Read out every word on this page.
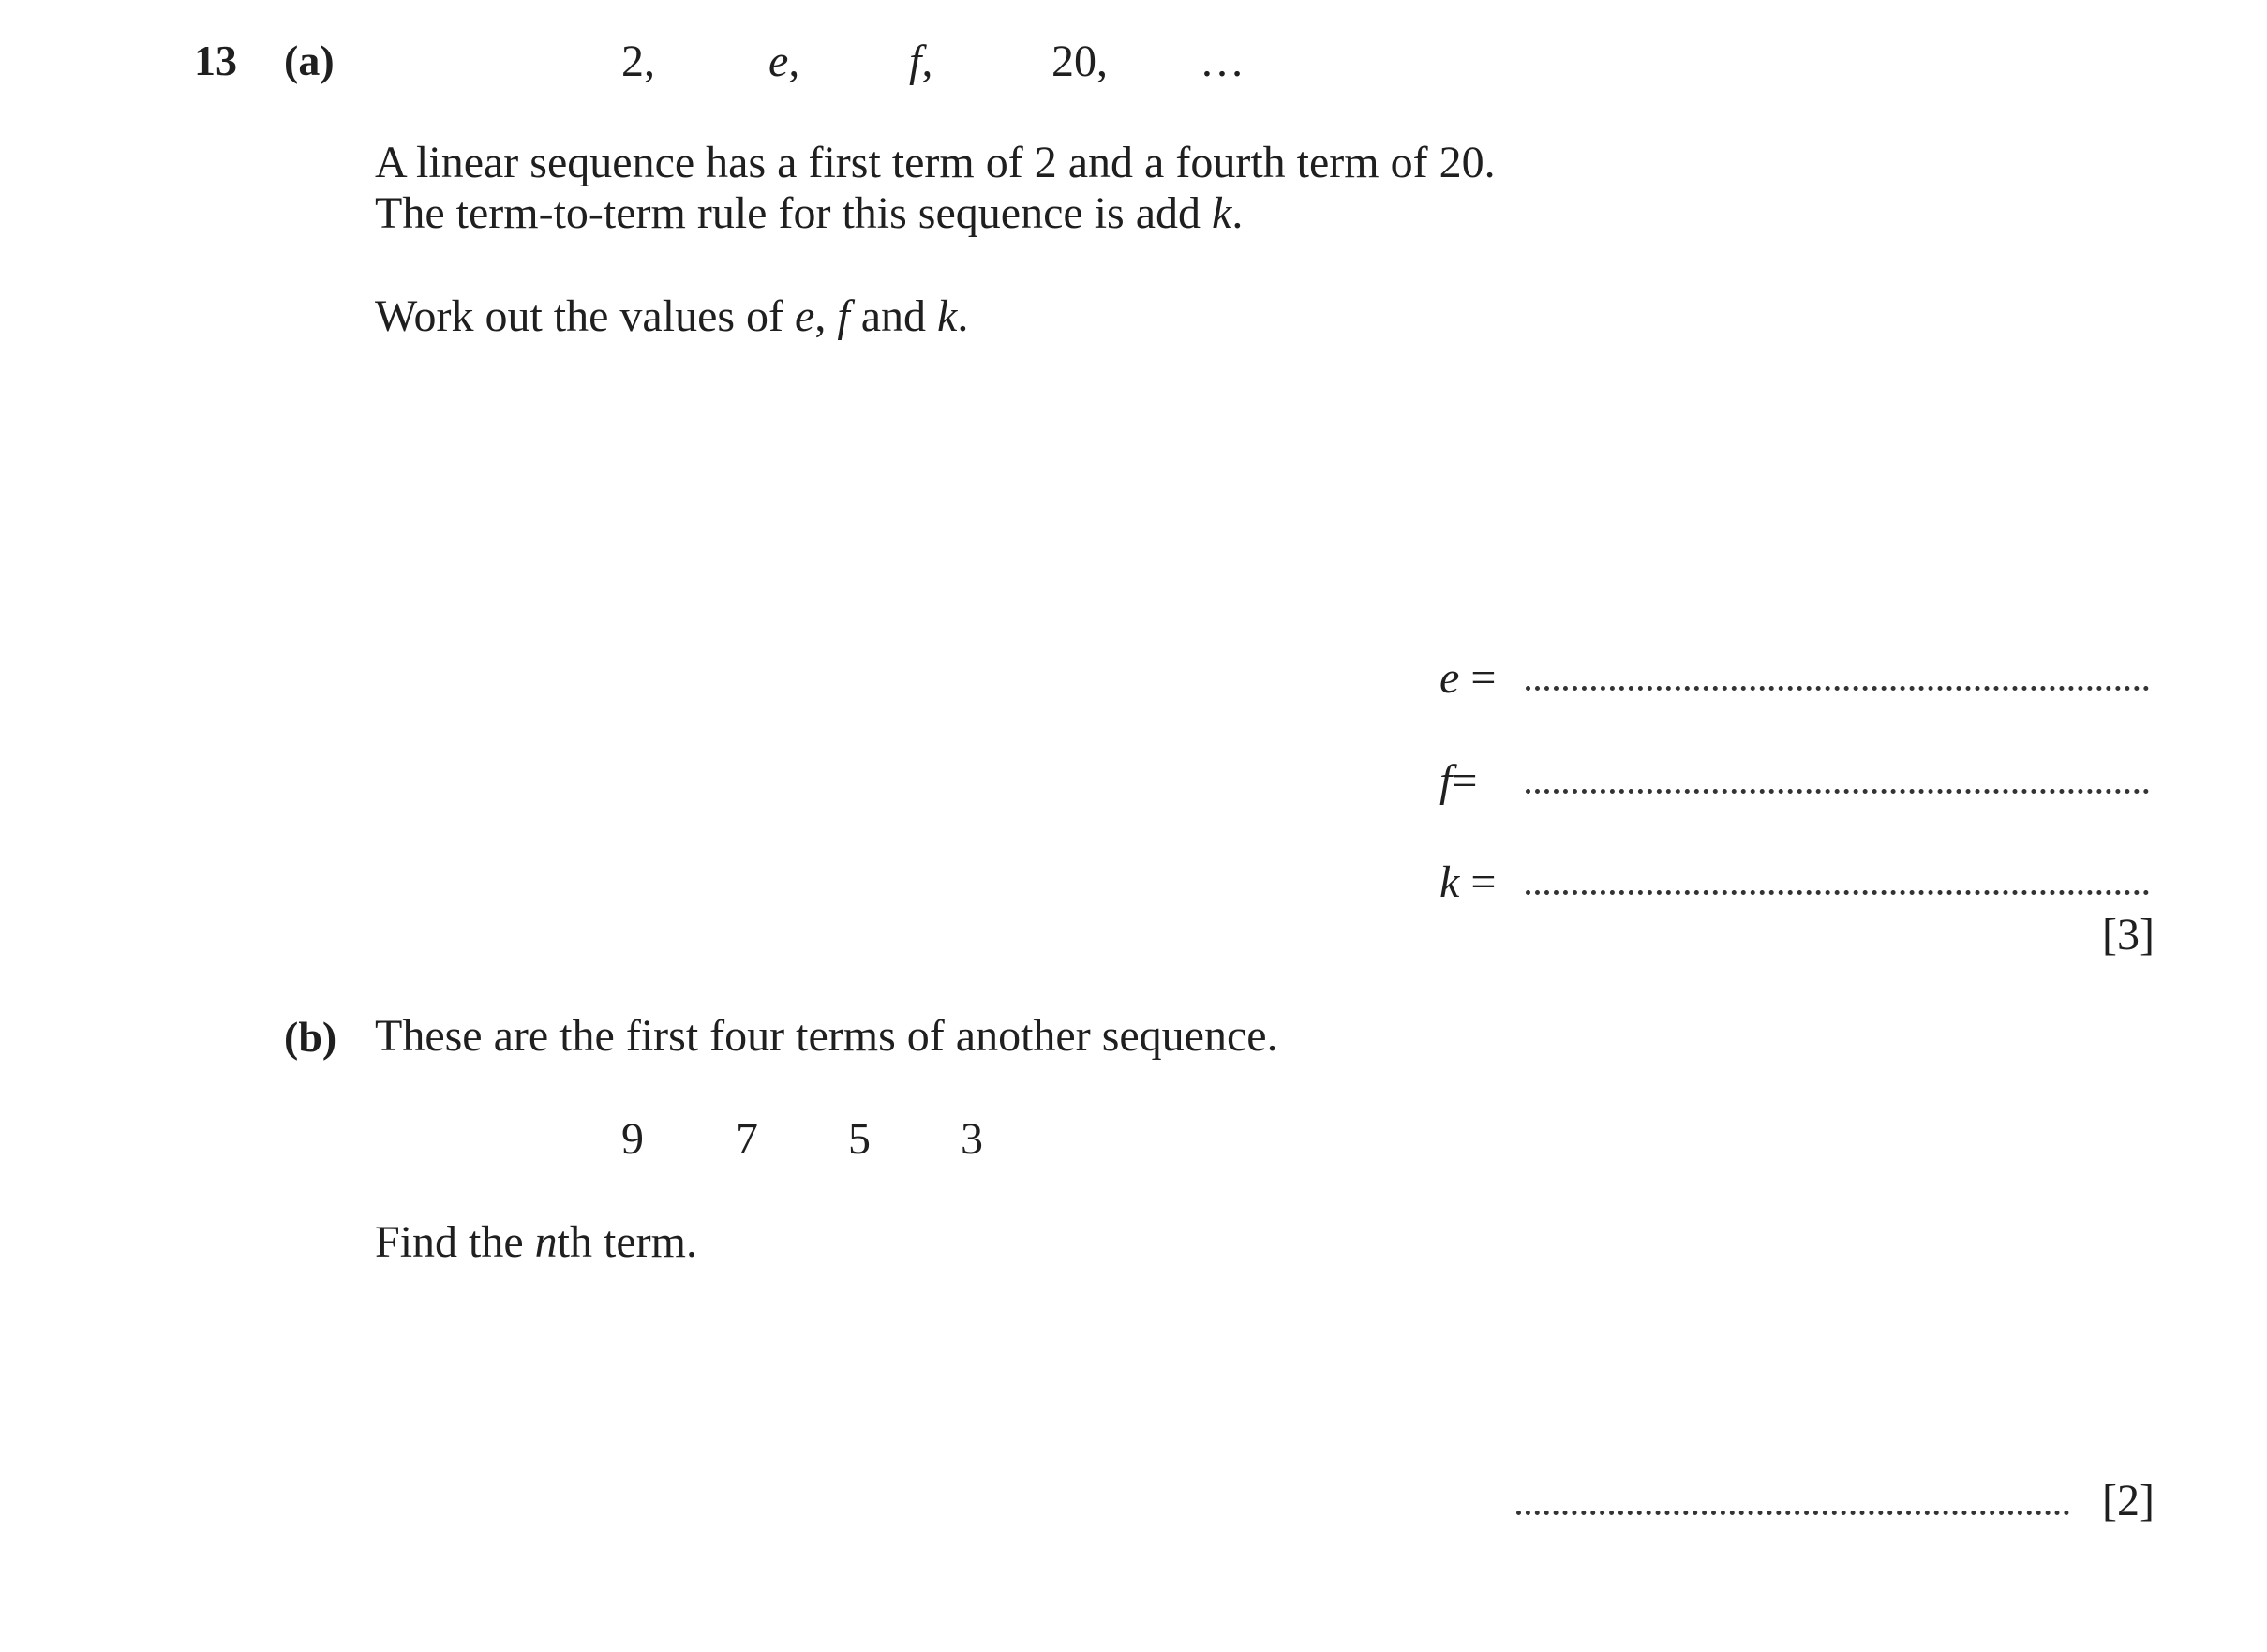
13 (a)	2,	e, f,	20, …
A linear sequence has a first term of 2 and a fourth term of 20.
The term-to-term rule for this sequence is add k.
Work out the values of e, f and k.
e =
f=
k =
[3]
(b) These are the first four terms of another sequence.
9 7 5 3
Find the nth term.
[2]
